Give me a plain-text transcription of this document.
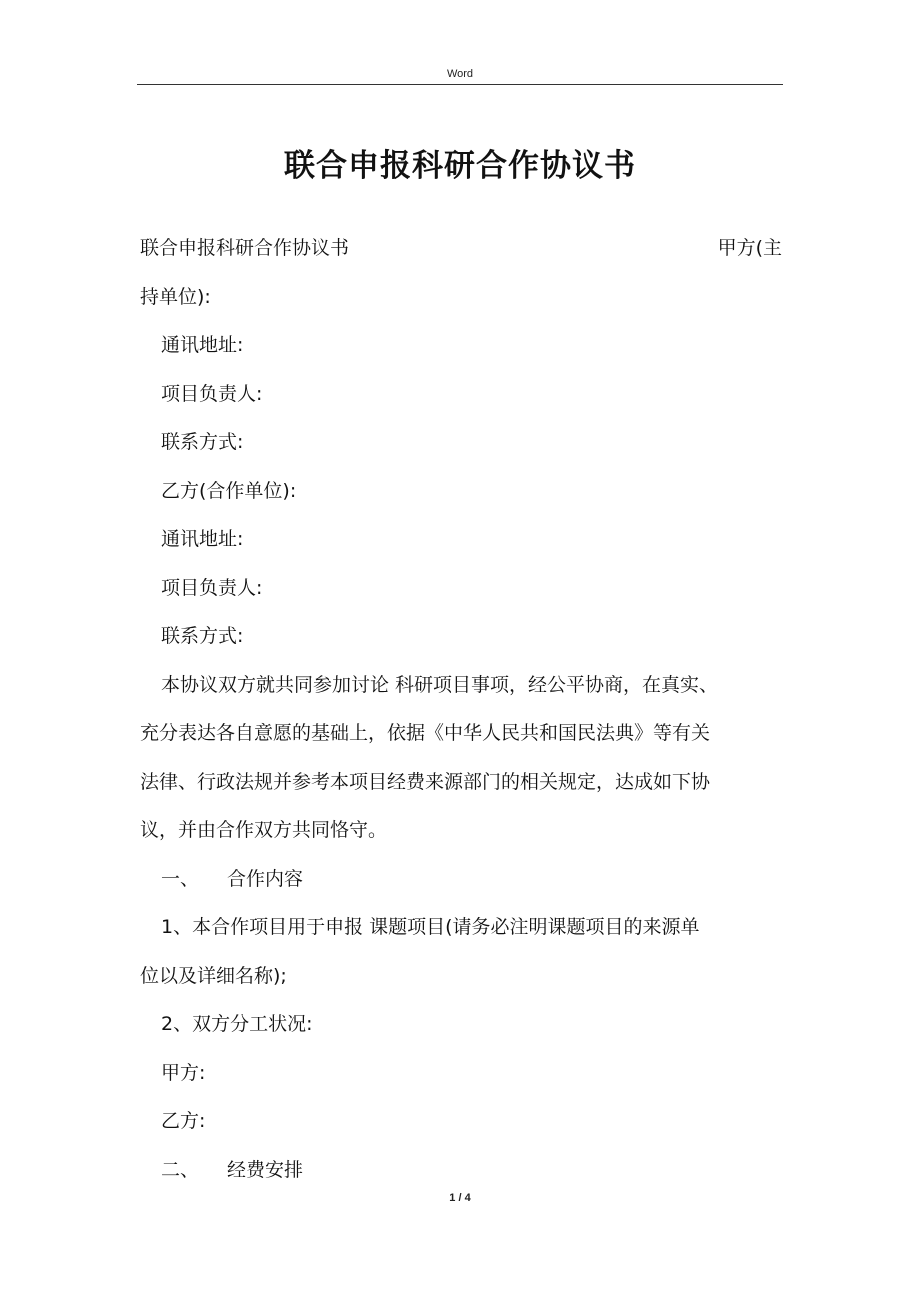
Word
联合申报科研合作协议书
联合申报科研合作协议书	甲方(主
持单位):
通讯地址:
项目负责人:
联系方式:
乙方(合作单位):
通讯地址:
项目负责人:
联系方式:
本协议双方就共同参加讨论 科研项目事项，经公平协商，在真实、
充分表达各自意愿的基础上，依据《中华人民共和国民法典》等有关
法律、行政法规并参考本项目经费来源部门的相关规定，达成如下协
议，并由合作双方共同恪守。
一、 合作内容
1、本合作项目用于申报 课题项目(请务必注明课题项目的来源单
位以及详细名称);
2、双方分工状况:
甲方:
乙方:
二、 经费安排
1 / 4
